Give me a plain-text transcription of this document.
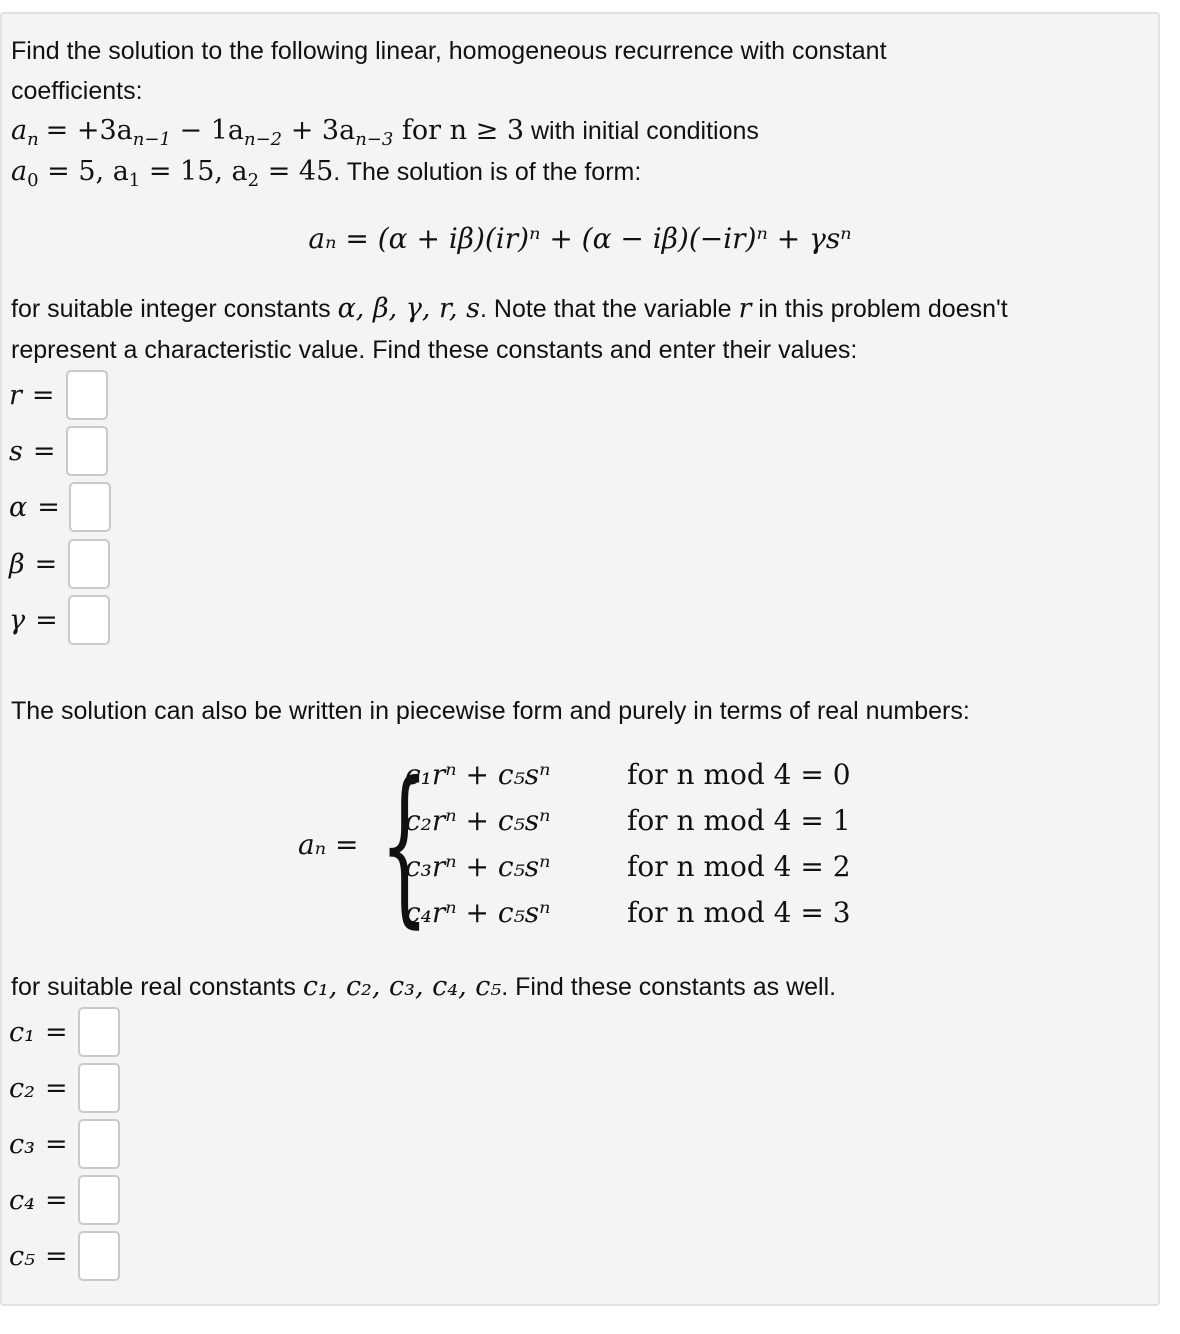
Find the solution to the following linear, homogeneous recurrence with constant
coefficients:
$a_n = +3a_{n-1} - 1a_{n-2} + 3a_{n-3}$ for n ≥ 3 with initial conditions
$a_0 = 5$, $a_1 = 15$, $a_2 = 45$. The solution is of the form:
aₙ = (α + iβ)(ir)ⁿ + (α − iβ)(−ir)ⁿ + γsⁿ
for suitable integer constants α, β, γ, r, s. Note that the variable r in this problem doesn't
represent a characteristic value. Find these constants and enter their values:
r =
s =
α =
β =
γ =
The solution can also be written in piecewise form and purely in terms of real numbers:
aₙ = {
c₁rⁿ + c₅sⁿ	for n mod 4 = 0
c₂rⁿ + c₅sⁿ	for n mod 4 = 1
c₃rⁿ + c₅sⁿ	for n mod 4 = 2
c₄rⁿ + c₅sⁿ	for n mod 4 = 3
for suitable real constants c₁, c₂, c₃, c₄, c₅. Find these constants as well.
c₁ =
c₂ =
c₃ =
c₄ =
c₅ =
